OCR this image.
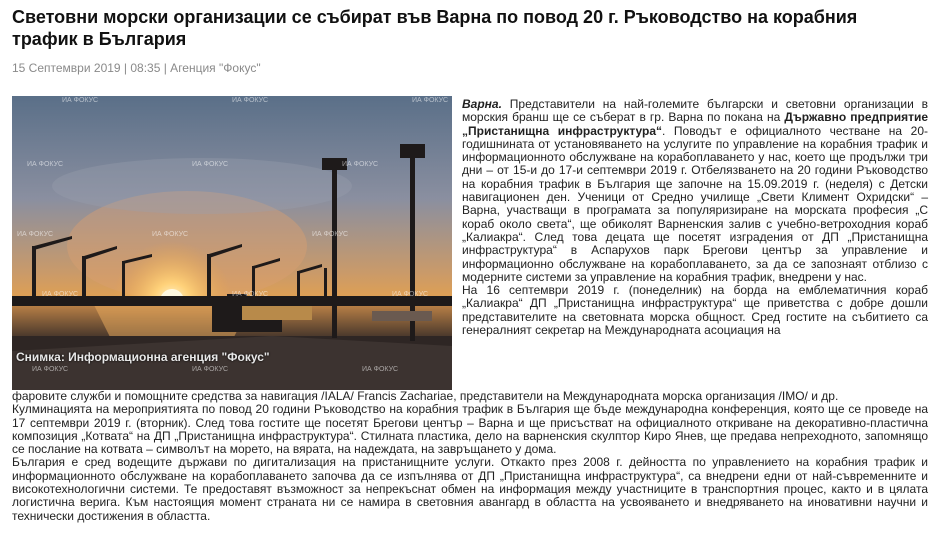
Световни морски организации се събират във Варна по повод 20 г. Ръководство на корабния трафик в България
15 Септември 2019 | 08:35 | Агенция "Фокус"
ИА ФОКУС	ИА ФОКУС	ИА ФОКУС
ИА ФОКУС	ИА ФОКУС	ИА ФОКУС
ИА ФОКУС	ИА ФОКУС	ИА ФОКУС
ИА ФОКУС	ИА ФОКУС	ИА ФОКУС
ИА ФОКУС	ИА ФОКУС	ИА ФОКУС
Снимка: Информационна агенция "Фокус"

Варна. Представители на най-големите български и световни организации в морския бранш ще се съберат в гр. Варна по покана на Държавно предприятие „Пристанищна инфраструктура“. Поводът е официалното честване на 20-годишнината от установяването на услугите по управление на корабния трафик и информационното обслужване на корабоплаването у нас, което ще продължи три дни – от 15-и до 17-и септември 2019 г. Отбелязването на 20 години Ръководство на корабния трафик в България ще започне на 15.09.2019 г. (неделя) с Детски навигационен ден. Ученици от Средно училище „Свети Климент Охридски“ – Варна, участващи в програмата за популяризиране на морската професия „С кораб около света“, ще обиколят Варненския залив с учебно-ветроходния кораб „Калиакра“. След това децата ще посетят изградения от ДП „Пристанищна инфраструктура“ в Аспарухов парк Брегови център за управление и информационно обслужване на корабоплаването, за да се запознаят отблизо с модерните системи за управление на корабния трафик, внедрени у нас.

На 16 септември 2019 г. (понеделник) на борда на емблематичния кораб „Калиакра“ ДП „Пристанищна инфраструктура“ ще приветства с добре дошли представителите на световната морска общност. Сред гостите на събитието са генералният секретар на Международната асоциация на

фаровите служби и помощните средства за навигация /IALA/ Francis Zachariae, представители на Международната морска организация /IMO/ и др.

Кулминацията на мероприятията по повод 20 години Ръководство на корабния трафик в България ще бъде международна конференция, която ще се проведе на 17 септември 2019 г. (вторник). След това гостите ще посетят Брегови център – Варна и ще присъстват на официалното откриване на декоративно-пластична композиция „Котвата“ на ДП „Пристанищна инфраструктура“. Стилната пластика, дело на варненския скулптор Киро Янев, ще предава непреходното, запомнящо се послание на котвата – символът на морето, на вярата, на надеждата, на завръщането у дома.

България е сред водещите държави по дигитализация на пристанищните услуги. Откакто през 2008 г. дейността по управлението на корабния трафик и информационното обслужване на корабоплаването започва да се изпълнява от ДП „Пристанищна инфраструктура“, са внедрени едни от най-съвременните и високотехнологични системи. Те предоставят възможност за непрекъснат обмен на информация между участниците в транспортния процес, както и в цялата логистична верига. Към настоящия момент страната ни се намира в световния авангард в областта на усвояването и внедряването на иновативни научни и технически достижения в областта.
